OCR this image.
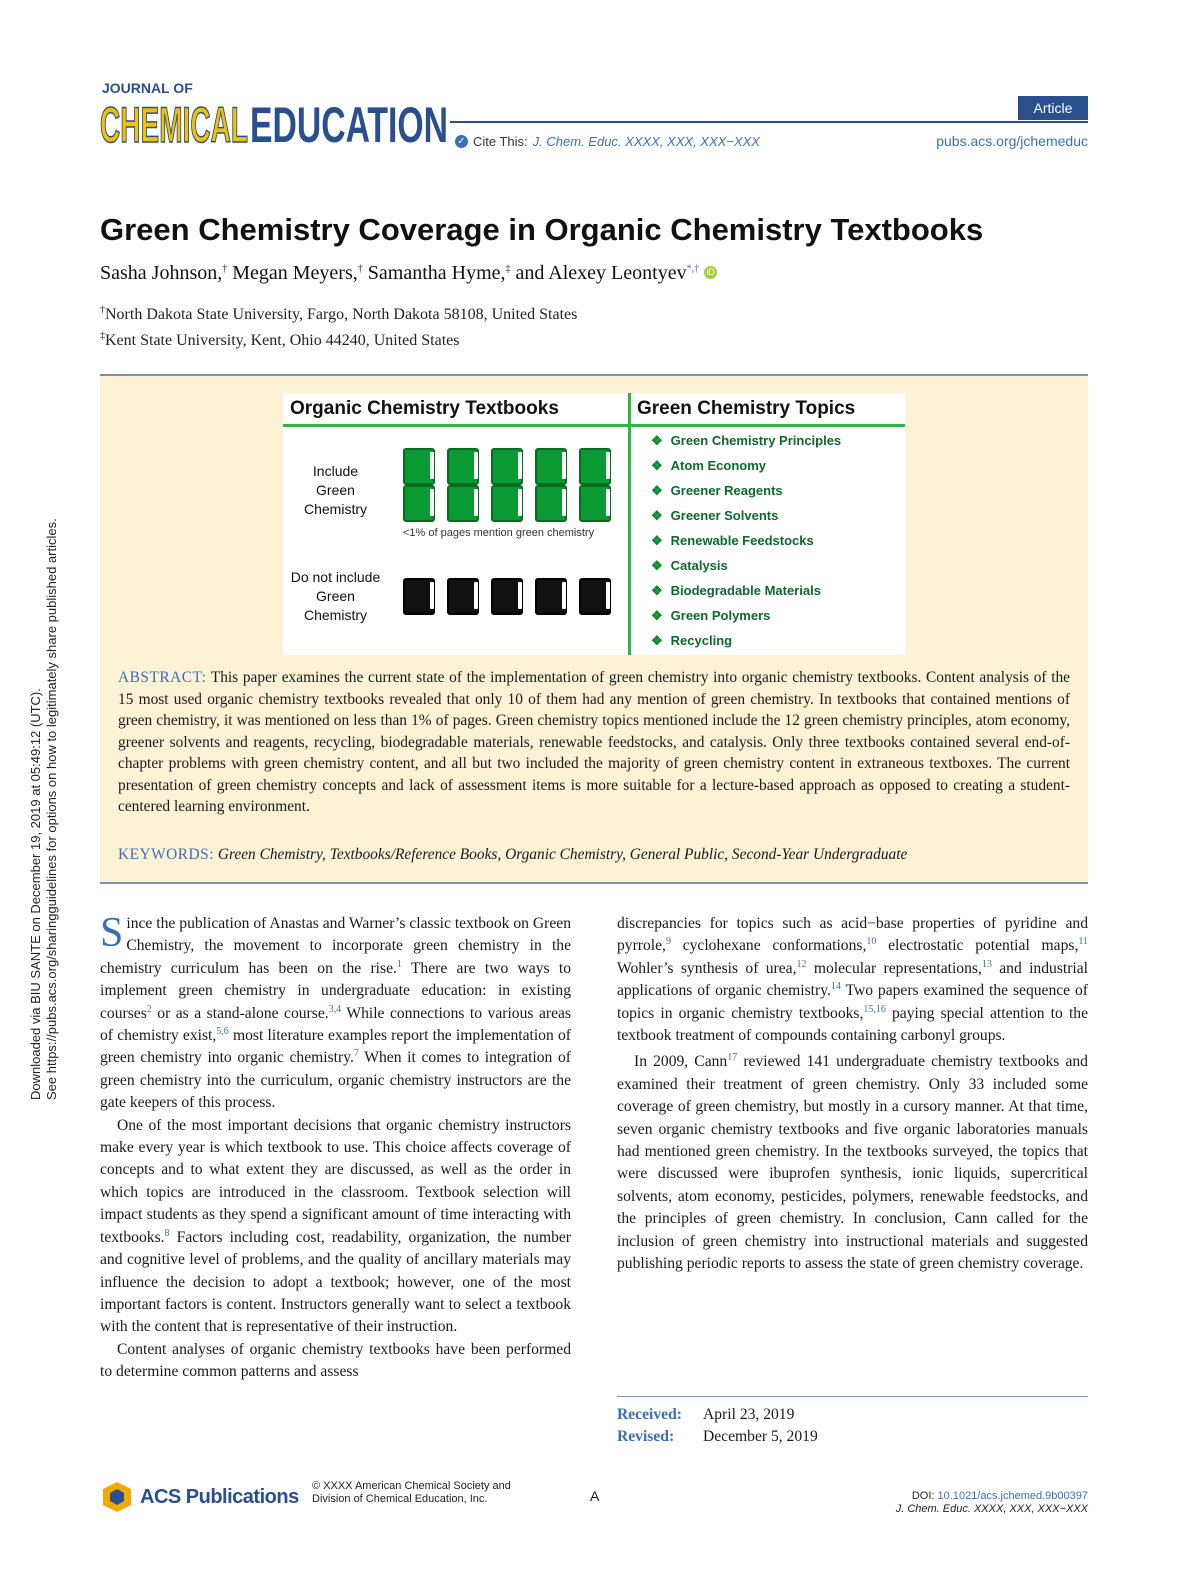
Downloaded via BIU SANTE on December 19, 2019 at 05:49:12 (UTC). See https://pubs.acs.org/sharingguidelines for options on how to legitimately share published articles.
JOURNAL OF
CHEMICAL EDUCATION	Article
✓ Cite This: J. Chem. Educ. XXXX, XXX, XXX−XXX	pubs.acs.org/jchemeduc
Green Chemistry Coverage in Organic Chemistry Textbooks
Sasha Johnson,† Megan Meyers,† Samantha Hyme,‡ and Alexey Leontyev*,† iD
†North Dakota State University, Fargo, North Dakota 58108, United States
‡Kent State University, Kent, Ohio 44240, United States
Organic Chemistry Textbooks	Green Chemistry Topics
Include
Green
Chemistry
Do not include
Green
Chemistry
<1% of pages mention green chemistry
❖ Green Chemistry Principles
❖ Atom Economy
❖ Greener Reagents
❖ Greener Solvents
❖ Renewable Feedstocks
❖ Catalysis
❖ Biodegradable Materials
❖ Green Polymers
❖ Recycling
ABSTRACT: This paper examines the current state of the implementation of green chemistry into organic chemistry textbooks. Content analysis of the 15 most used organic chemistry textbooks revealed that only 10 of them had any mention of green chemistry. In textbooks that contained mentions of green chemistry, it was mentioned on less than 1% of pages. Green chemistry topics mentioned include the 12 green chemistry principles, atom economy, greener solvents and reagents, recycling, biodegradable materials, renewable feedstocks, and catalysis. Only three textbooks contained several end-of-chapter problems with green chemistry content, and all but two included the majority of green chemistry content in extraneous textboxes. The current presentation of green chemistry concepts and lack of assessment items is more suitable for a lecture-based approach as opposed to creating a student-centered learning environment.
KEYWORDS: Green Chemistry, Textbooks/Reference Books, Organic Chemistry, General Public, Second-Year Undergraduate

Since the publication of Anastas and Warner’s classic textbook on Green Chemistry, the movement to incorporate green chemistry in the chemistry curriculum has been on the rise.$^1$ There are two ways to implement green chemistry in undergraduate education: in existing courses$^2$ or as a stand-alone course.$^{3,4}$ While connections to various areas of chemistry exist,$^{5,6}$ most literature examples report the implementation of green chemistry into organic chemistry.$^7$ When it comes to integration of green chemistry into the curriculum, organic chemistry instructors are the gate keepers of this process.

One of the most important decisions that organic chemistry instructors make every year is which textbook to use. This choice affects coverage of concepts and to what extent they are discussed, as well as the order in which topics are introduced in the classroom. Textbook selection will impact students as they spend a significant amount of time interacting with textbooks.$^8$ Factors including cost, readability, organization, the number and cognitive level of problems, and the quality of ancillary materials may influence the decision to adopt a textbook; however, one of the most important factors is content. Instructors generally want to select a textbook with the content that is representative of their instruction.

Content analyses of organic chemistry textbooks have been performed to determine common patterns and assess

discrepancies for topics such as acid−base properties of pyridine and pyrrole,$^9$ cyclohexane conformations,$^{10}$ electrostatic potential maps,$^{11}$ Wohler’s synthesis of urea,$^{12}$ molecular representations,$^{13}$ and industrial applications of organic chemistry.$^{14}$ Two papers examined the sequence of topics in organic chemistry textbooks,$^{15,16}$ paying special attention to the textbook treatment of compounds containing carbonyl groups.

In 2009, Cann$^{17}$ reviewed 141 undergraduate chemistry textbooks and examined their treatment of green chemistry. Only 33 included some coverage of green chemistry, but mostly in a cursory manner. At that time, seven organic chemistry textbooks and five organic laboratories manuals had mentioned green chemistry. In the textbooks surveyed, the topics that were discussed were ibuprofen synthesis, ionic liquids, supercritical solvents, atom economy, pesticides, polymers, renewable feedstocks, and the principles of green chemistry. In conclusion, Cann called for the inclusion of green chemistry into instructional materials and suggested publishing periodic reports to assess the state of green chemistry coverage.

Received: April 23, 2019
Revised: December 5, 2019
ACS Publications © XXXX American Chemical Society and
Division of Chemical Education, Inc.	A	DOI: 10.1021/acs.jchemed.9b00397
J. Chem. Educ. XXXX, XXX, XXX−XXX
